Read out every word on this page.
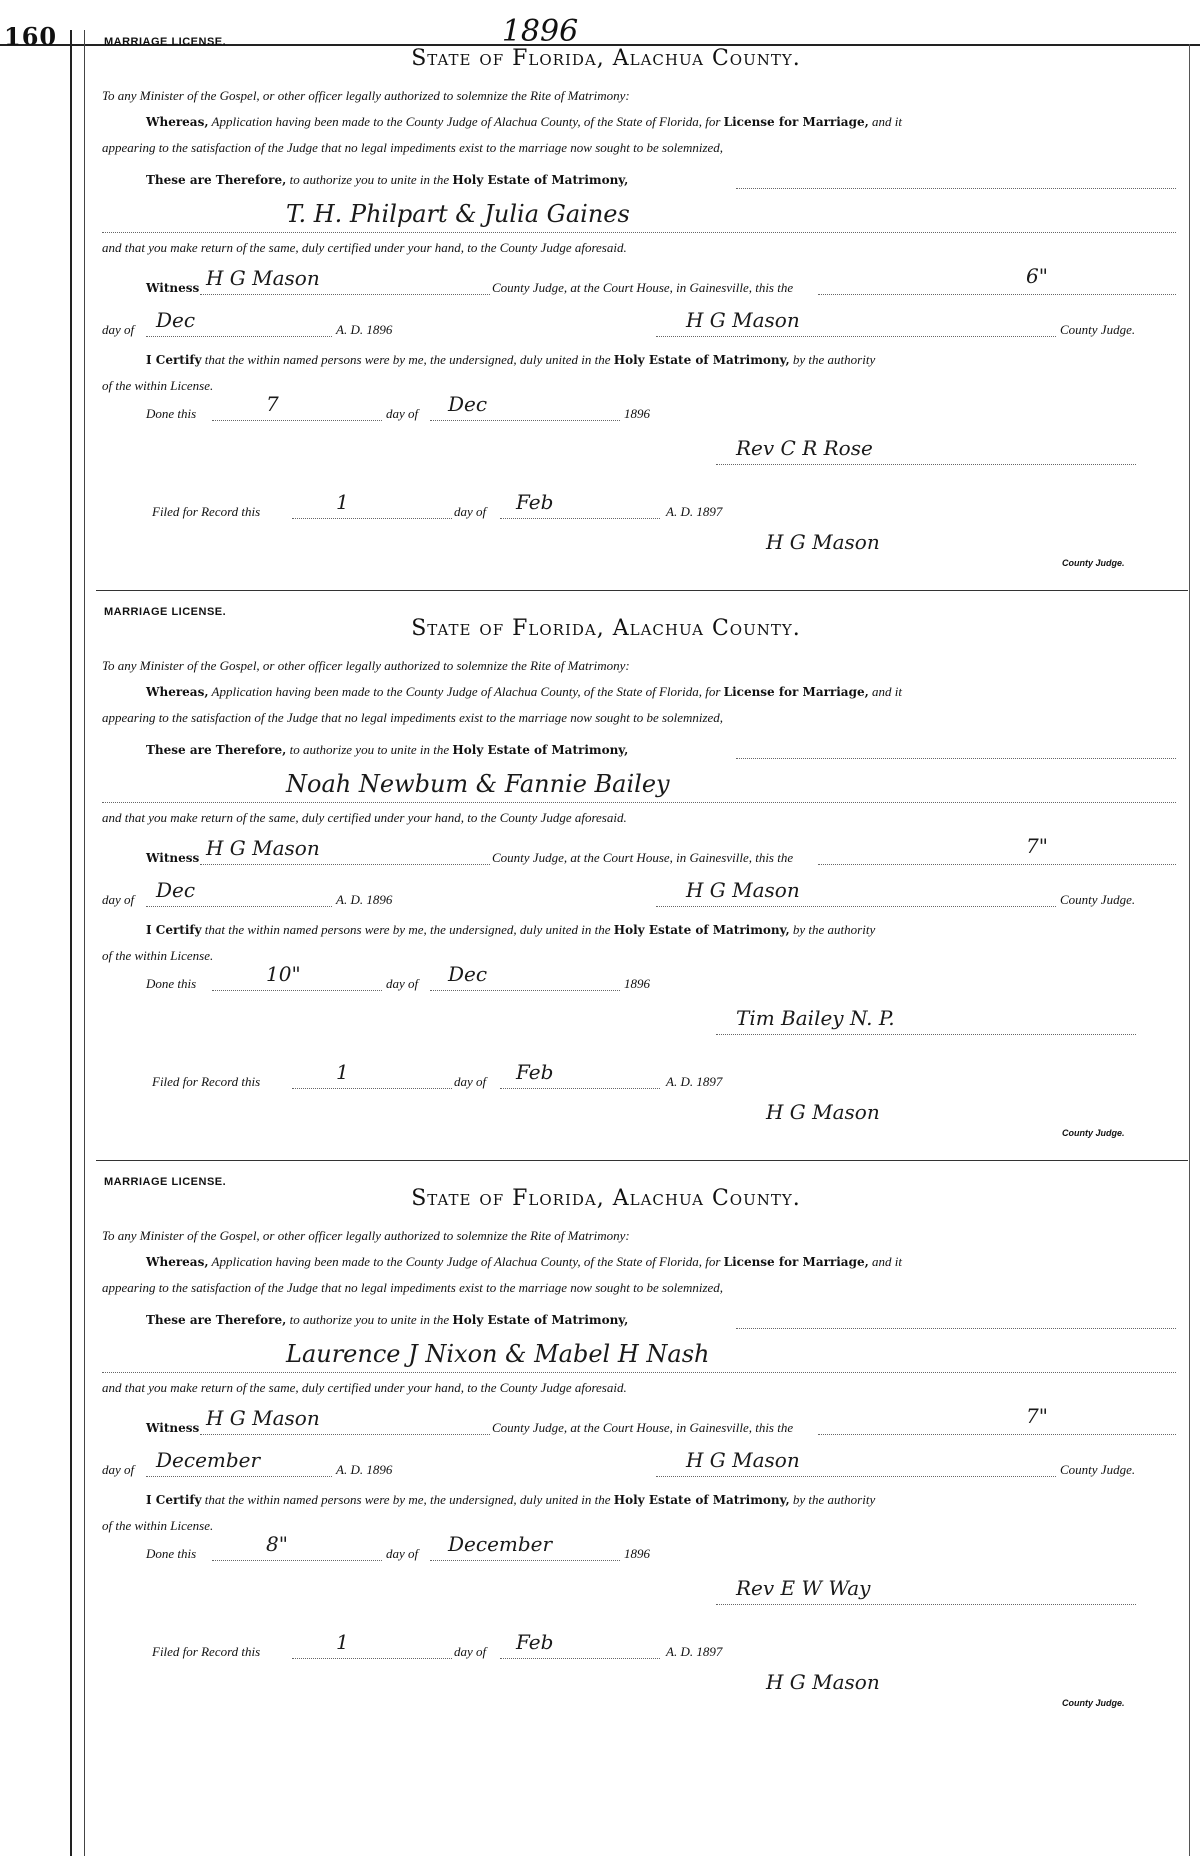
160	1896
MARRIAGE LICENSE.
State of Florida, Alachua County.
To any Minister of the Gospel, or other officer legally authorized to solemnize the Rite of Matrimony:
Whereas, Application having been made to the County Judge of Alachua County, of the State of Florida, for License for Marriage, and it
appearing to the satisfaction of the Judge that no legal impediments exist to the marriage now sought to be solemnized,
These are Therefore, to authorize you to unite in the Holy Estate of Matrimony,
T. H. Philpart & Julia Gaines
and that you make return of the same, duly certified under your hand, to the County Judge aforesaid.
Witness H G Mason	County Judge, at the Court House, in Gainesville, this the	6"
day of Dec	A. D. 1896	H G Mason	County Judge.
I Certify that the within named persons were by me, the undersigned, duly united in the Holy Estate of Matrimony, by the authority
of the within License.
Done this	7	day of Dec	1896
Rev C R Rose
Filed for Record this	1	day of Feb	A. D. 1897
H G Mason
County Judge.
MARRIAGE LICENSE.
State of Florida, Alachua County.
To any Minister of the Gospel, or other officer legally authorized to solemnize the Rite of Matrimony:
Whereas, Application having been made to the County Judge of Alachua County, of the State of Florida, for License for Marriage, and it
appearing to the satisfaction of the Judge that no legal impediments exist to the marriage now sought to be solemnized,
These are Therefore, to authorize you to unite in the Holy Estate of Matrimony,
Noah Newbum & Fannie Bailey
and that you make return of the same, duly certified under your hand, to the County Judge aforesaid.
Witness H G Mason	County Judge, at the Court House, in Gainesville, this the	7"
day of Dec	A. D. 1896	H G Mason	County Judge.
I Certify that the within named persons were by me, the undersigned, duly united in the Holy Estate of Matrimony, by the authority
of the within License.
Done this	10"	day of Dec	1896
Tim Bailey N. P.
Filed for Record this	1	day of Feb	A. D. 1897
H G Mason
County Judge.
MARRIAGE LICENSE.
State of Florida, Alachua County.
To any Minister of the Gospel, or other officer legally authorized to solemnize the Rite of Matrimony:
Whereas, Application having been made to the County Judge of Alachua County, of the State of Florida, for License for Marriage, and it
appearing to the satisfaction of the Judge that no legal impediments exist to the marriage now sought to be solemnized,
These are Therefore, to authorize you to unite in the Holy Estate of Matrimony,
Laurence J Nixon & Mabel H Nash
and that you make return of the same, duly certified under your hand, to the County Judge aforesaid.
Witness H G Mason	County Judge, at the Court House, in Gainesville, this the	7"
day of December	A. D. 1896	H G Mason	County Judge.
I Certify that the within named persons were by me, the undersigned, duly united in the Holy Estate of Matrimony, by the authority
of the within License.
Done this	8"	day of December	1896
Rev E W Way
Filed for Record this	1	day of Feb	A. D. 1897
H G Mason
County Judge.
